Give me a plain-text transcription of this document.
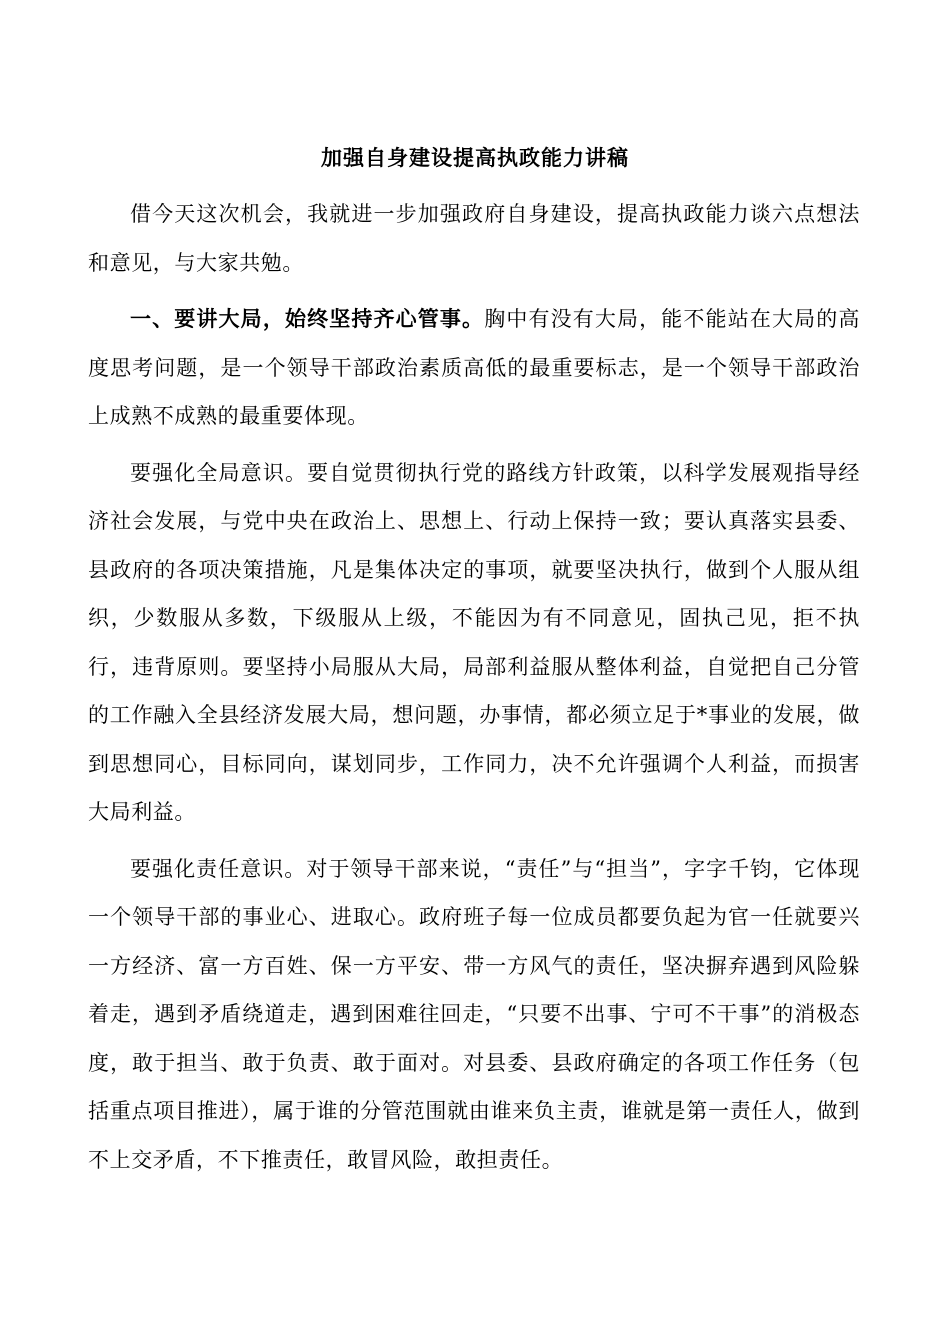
加强自身建设提高执政能力讲稿

借今天这次机会，我就进一步加强政府自身建设，提高执政能力谈六点想法和意见，与大家共勉。

一、要讲大局，始终坚持齐心管事。胸中有没有大局，能不能站在大局的高度思考问题，是一个领导干部政治素质高低的最重要标志，是一个领导干部政治上成熟不成熟的最重要体现。

要强化全局意识。要自觉贯彻执行党的路线方针政策，以科学发展观指导经济社会发展，与党中央在政治上、思想上、行动上保持一致；要认真落实县委、县政府的各项决策措施，凡是集体决定的事项，就要坚决执行，做到个人服从组织，少数服从多数，下级服从上级，不能因为有不同意见，固执己见，拒不执行，违背原则。要坚持小局服从大局，局部利益服从整体利益，自觉把自己分管的工作融入全县经济发展大局，想问题，办事情，都必须立足于*事业的发展，做到思想同心，目标同向，谋划同步，工作同力，决不允许强调个人利益，而损害大局利益。

要强化责任意识。对于领导干部来说，“责任”与“担当”，字字千钧，它体现一个领导干部的事业心、进取心。政府班子每一位成员都要负起为官一任就要兴一方经济、富一方百姓、保一方平安、带一方风气的责任，坚决摒弃遇到风险躲着走，遇到矛盾绕道走，遇到困难往回走，“只要不出事、宁可不干事”的消极态度，敢于担当、敢于负责、敢于面对。对县委、县政府确定的各项工作任务（包括重点项目推进），属于谁的分管范围就由谁来负主责，谁就是第一责任人，做到不上交矛盾，不下推责任，敢冒风险，敢担责任。
